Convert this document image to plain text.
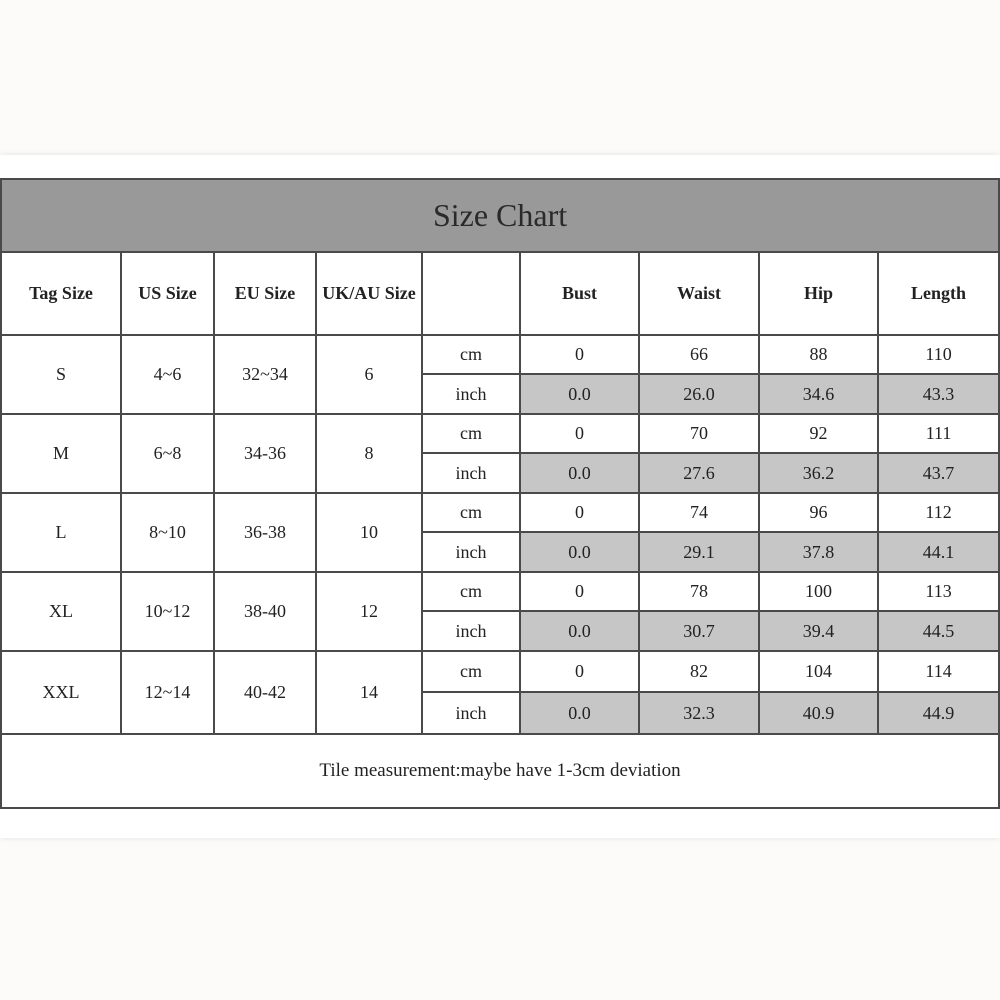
Size Chart								
Tag Size	US Size	EU Size	UK/AU Size		Bust	Waist	Hip	Length
S	4~6	32~34	6	cm	0	66	88	110
				inch	0.0	26.0	34.6	43.3
M	6~8	34-36	8	cm	0	70	92	111
				inch	0.0	27.6	36.2	43.7
L	8~10	36-38	10	cm	0	74	96	112
				inch	0.0	29.1	37.8	44.1
XL	10~12	38-40	12	cm	0	78	100	113
				inch	0.0	30.7	39.4	44.5
XXL	12~14	40-42	14	cm	0	82	104	114
				inch	0.0	32.3	40.9	44.9
Tile measurement:maybe have 1-3cm deviation								
